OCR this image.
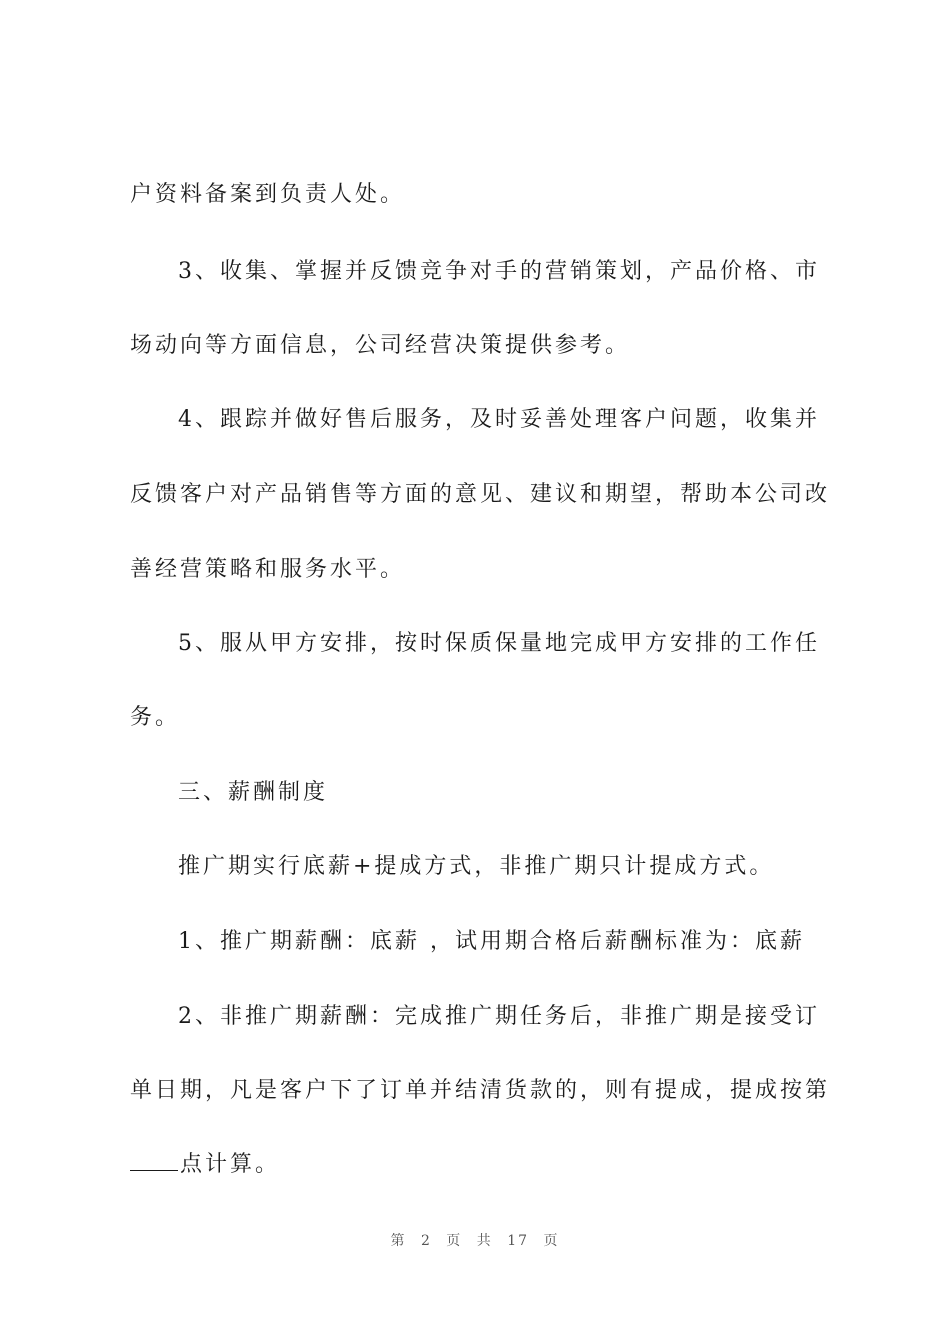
户资料备案到负责人处。
3、收集、掌握并反馈竞争对手的营销策划，产品价格、市
场动向等方面信息，公司经营决策提供参考。
4、跟踪并做好售后服务，及时妥善处理客户问题，收集并
反馈客户对产品销售等方面的意见、建议和期望，帮助本公司改
善经营策略和服务水平。
5、服从甲方安排，按时保质保量地完成甲方安排的工作任
务。
三、薪酬制度
推广期实行底薪+提成方式，非推广期只计提成方式。
1、推广期薪酬：底薪 ，试用期合格后薪酬标准为：底薪
2、非推广期薪酬：完成推广期任务后，非推广期是接受订
单日期，凡是客户下了订单并结清货款的，则有提成，提成按第
点计算。
第 2 页 共 17 页
